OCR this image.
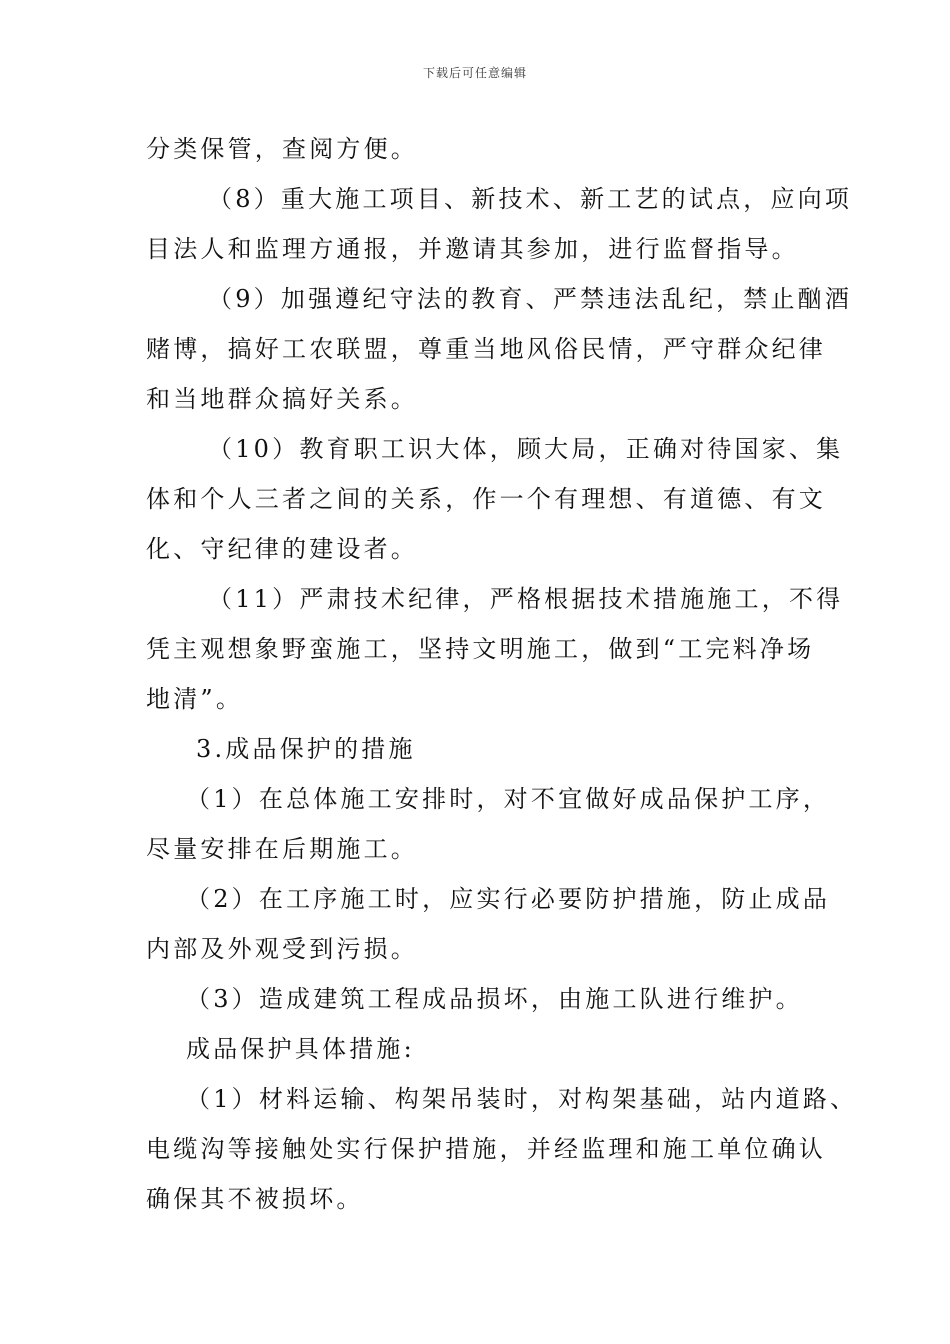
下载后可任意编辑
分类保管，查阅方便。
（8）重大施工项目、新技术、新工艺的试点，应向项
目法人和监理方通报，并邀请其参加，进行监督指导。
（9）加强遵纪守法的教育、严禁违法乱纪，禁止酗酒
赌博，搞好工农联盟，尊重当地风俗民情，严守群众纪律
和当地群众搞好关系。
（10）教育职工识大体，顾大局，正确对待国家、集
体和个人三者之间的关系，作一个有理想、有道德、有文
化、守纪律的建设者。
（11）严肃技术纪律，严格根据技术措施施工，不得
凭主观想象野蛮施工，坚持文明施工，做到“工完料净场
地清”。
3.成品保护的措施
（1）在总体施工安排时，对不宜做好成品保护工序，
尽量安排在后期施工。
（2）在工序施工时，应实行必要防护措施，防止成品
内部及外观受到污损。
（3）造成建筑工程成品损坏，由施工队进行维护。
成品保护具体措施:
（1）材料运输、构架吊装时，对构架基础，站内道路、
电缆沟等接触处实行保护措施，并经监理和施工单位确认
确保其不被损坏。
